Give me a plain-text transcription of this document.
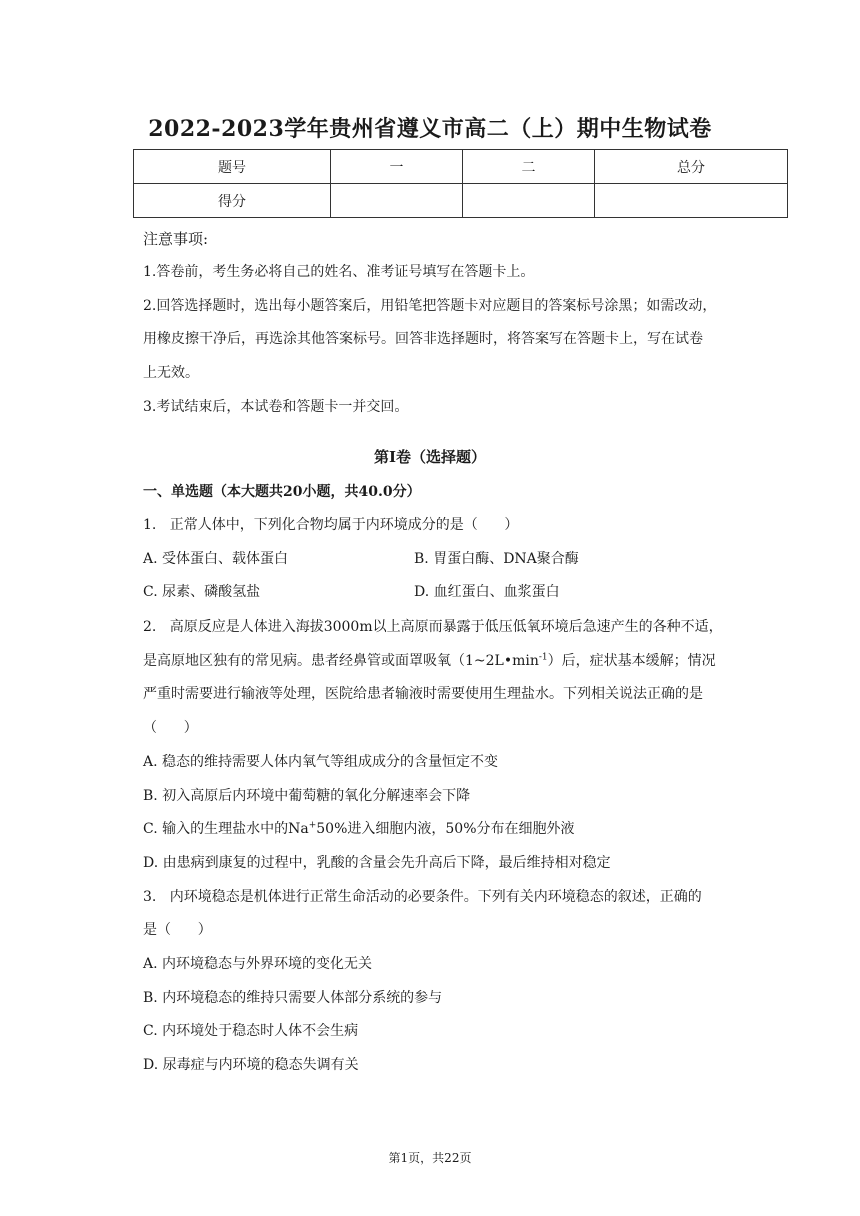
2022-2023学年贵州省遵义市高二（上）期中生物试卷
题号	一	二	总分
得分			
注意事项:
1.答卷前，考生务必将自己的姓名、准考证号填写在答题卡上。
2.回答选择题时，选出每小题答案后，用铅笔把答题卡对应题目的答案标号涂黑；如需改动，
用橡皮擦干净后，再选涂其他答案标号。回答非选择题时，将答案写在答题卡上，写在试卷
上无效。
3.考试结束后，本试卷和答题卡一并交回。
第I卷（选择题）
一、单选题（本大题共20小题，共40.0分）
1.   正常人体中，下列化合物均属于内环境成分的是（      ）
A. 受体蛋白、载体蛋白	B. 胃蛋白酶、DNA聚合酶
C. 尿素、磷酸氢盐	D. 血红蛋白、血浆蛋白
2.   高原反应是人体进入海拔3000m以上高原而暴露于低压低氧环境后急速产生的各种不适，
是高原地区独有的常见病。患者经鼻管或面罩吸氧$(1\sim 2L•\min^{-1})$后，症状基本缓解；情况
严重时需要进行输液等处理，医院给患者输液时需要使用生理盐水。下列相关说法正确的是
（      ）
A. 稳态的维持需要人体内氧气等组成成分的含量恒定不变
B. 初入高原后内环境中葡萄糖的氧化分解速率会下降
C. 输入的生理盐水中的Na+50%进入细胞内液，50%分布在细胞外液
D. 由患病到康复的过程中，乳酸的含量会先升高后下降，最后维持相对稳定
3.   内环境稳态是机体进行正常生命活动的必要条件。下列有关内环境稳态的叙述，正确的
是（      ）
A. 内环境稳态与外界环境的变化无关
B. 内环境稳态的维持只需要人体部分系统的参与
C. 内环境处于稳态时人体不会生病
D. 尿毒症与内环境的稳态失调有关
第1页，共22页
